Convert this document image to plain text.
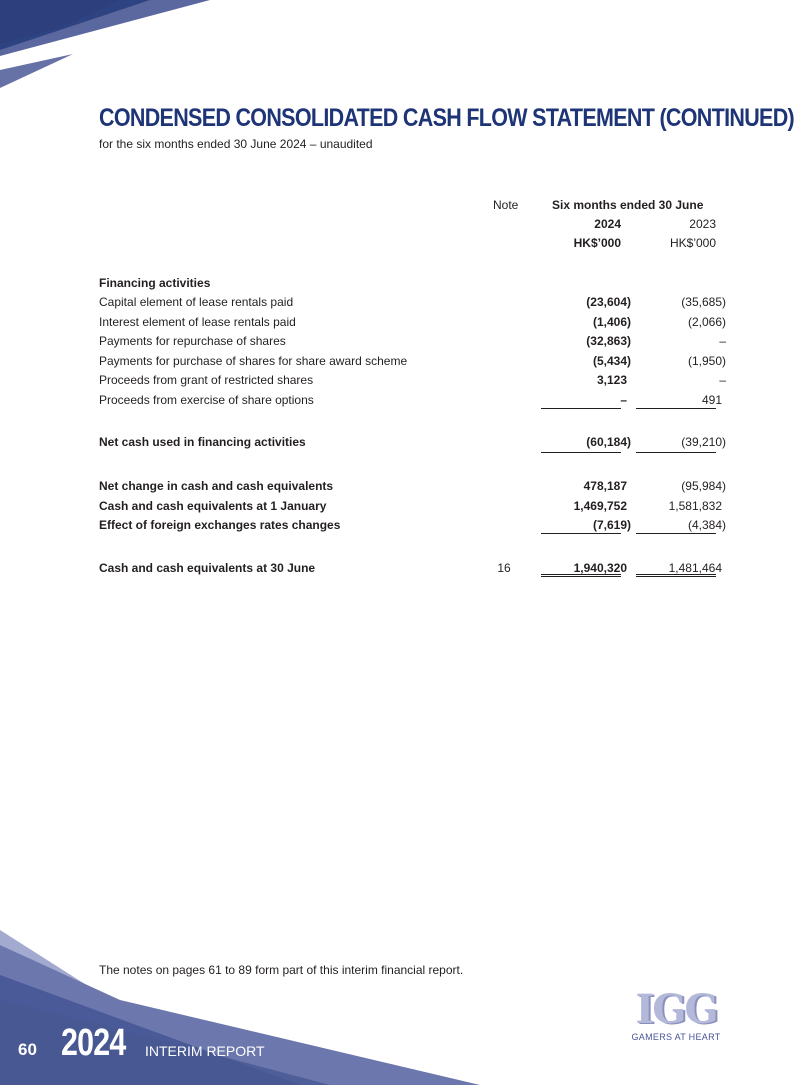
CONDENSED CONSOLIDATED CASH FLOW STATEMENT (CONTINUED)
for the six months ended 30 June 2024 – unaudited
Note	Six months ended 30 June
2024	2023
HK$’000	HK$’000
Financing activities
Capital element of lease rentals paid	(23,604)	(35,685)
Interest element of lease rentals paid	(1,406)	(2,066)
Payments for repurchase of shares	(32,863)	–
Payments for purchase of shares for share award scheme	(5,434)	(1,950)
Proceeds from grant of restricted shares	3,123	–
Proceeds from exercise of share options	–	491
Net cash used in financing activities	(60,184)	(39,210)
Net change in cash and cash equivalents	478,187	(95,984)
Cash and cash equivalents at 1 January	1,469,752	1,581,832
Effect of foreign exchanges rates changes	(7,619)	(4,384)
Cash and cash equivalents at 30 June	16	1,940,320	1,481,464
The notes on pages 61 to 89 form part of this interim financial report.
60 2024 INTERIM REPORT
IGG
GAMERS AT HEART
